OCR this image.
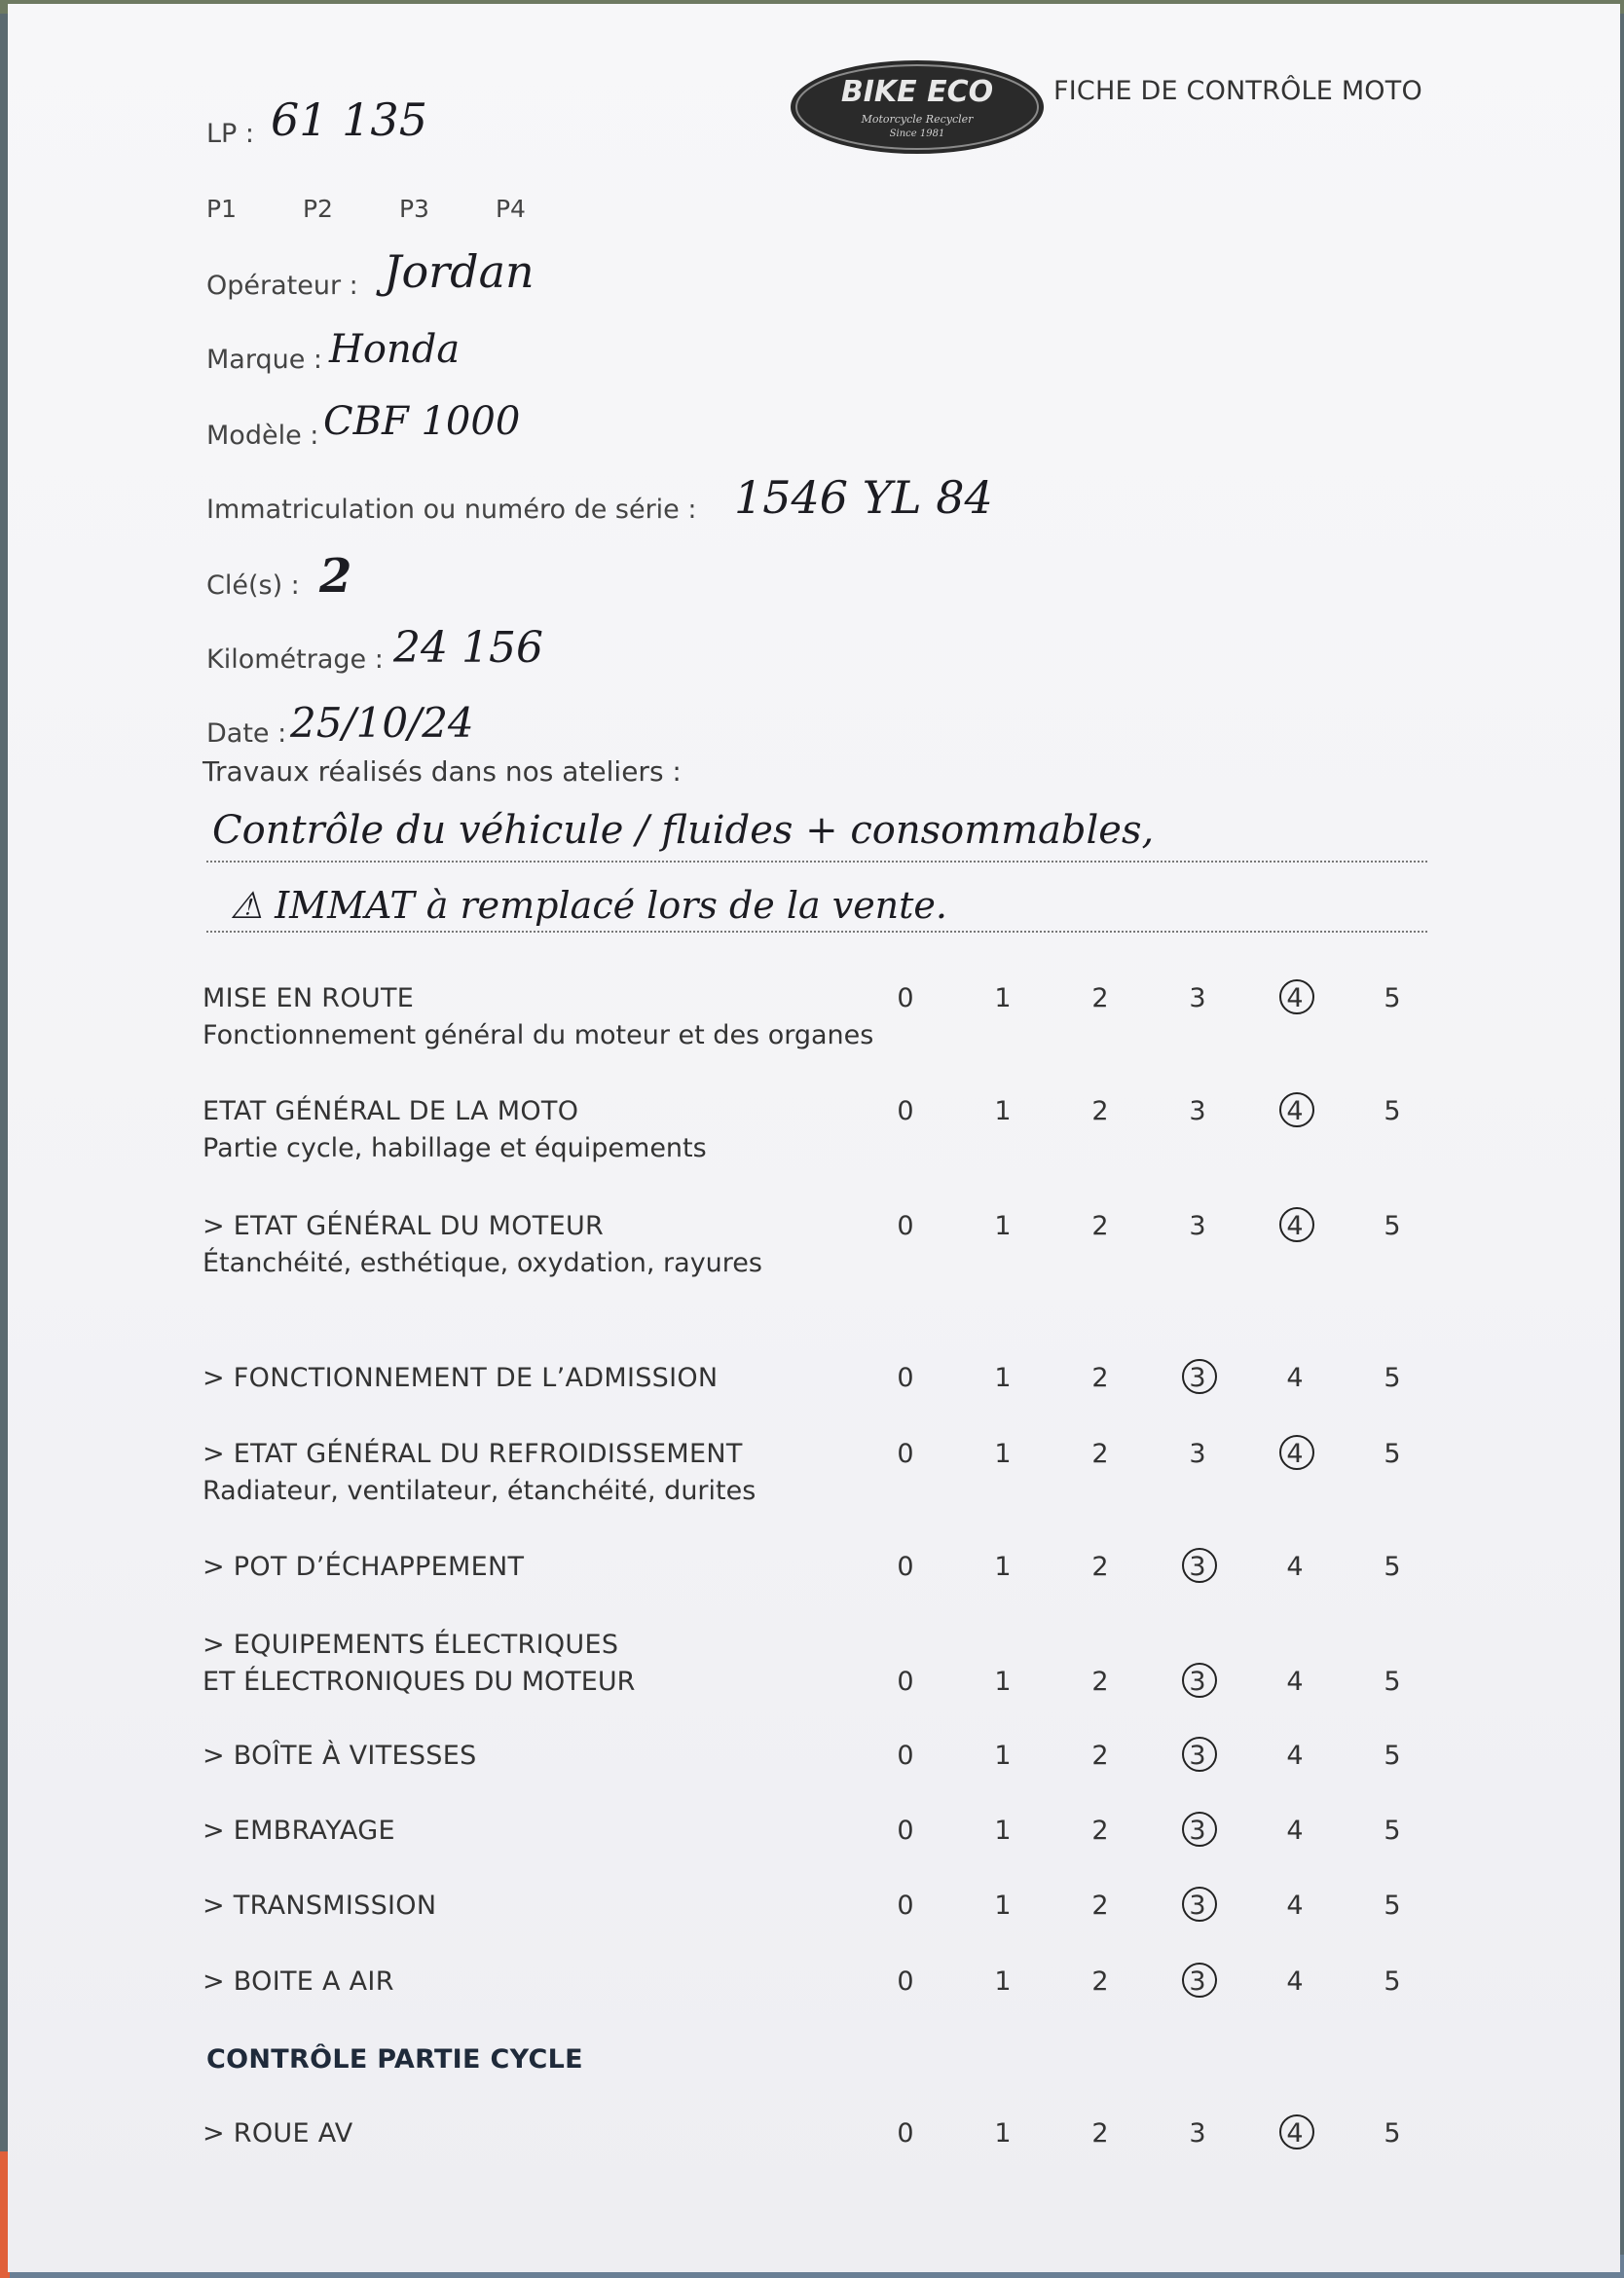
BIKE ECO
Motorcycle Recycler
Since 1981
FICHE DE CONTRÔLE MOTO
LP : 61 135
P1	P2	P3	P4
Opérateur : Jordan
Marque : Honda
Modèle : CBF 1000
Immatriculation ou numéro de série : 1546 YL 84
Clé(s) : 2
Kilométrage : 24 156
Date : 25/10/24
Travaux réalisés dans nos ateliers :
Contrôle du véhicule / fluides + consommables,
⚠ IMMAT à remplacé lors de la vente.
MISE EN ROUTE
Fonctionnement général du moteur et des organes
0	1	2	3	4	5
ETAT GÉNÉRAL DE LA MOTO
Partie cycle, habillage et équipements
0	1	2	3	4	5
> ETAT GÉNÉRAL DU MOTEUR
Étanchéité, esthétique, oxydation, rayures
0	1	2	3	4	5
> FONCTIONNEMENT DE L’ADMISSION	0	1	2	3	4	5
> ETAT GÉNÉRAL DU REFROIDISSEMENT
Radiateur, ventilateur, étanchéité, durites
0	1	2	3	4	5
> POT D’ÉCHAPPEMENT	0	1	2	3	4	5
> EQUIPEMENTS ÉLECTRIQUES
ET ÉLECTRONIQUES DU MOTEUR	0	1	2	3	4	5
> BOÎTE À VITESSES	0	1	2	3	4	5
> EMBRAYAGE	0	1	2	3	4	5
> TRANSMISSION	0	1	2	3	4	5
> BOITE A AIR	0	1	2	3	4	5
> ROUE AV	0	1	2	3	4	5
CONTRÔLE PARTIE CYCLE
